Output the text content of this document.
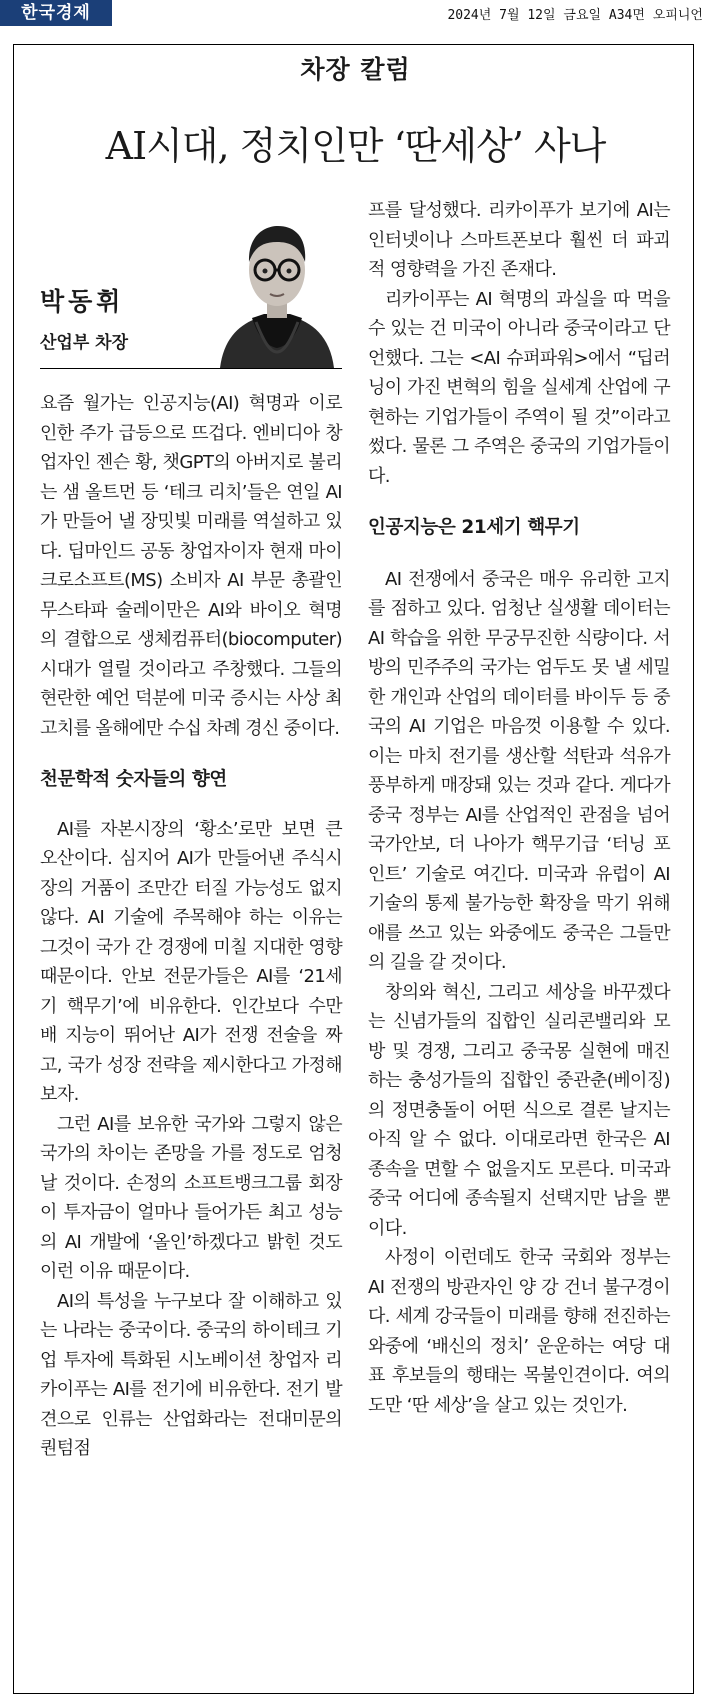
한국경제	2024년 7월 12일 금요일 A34면 오피니언
차장 칼럼
AI시대, 정치인만 ‘딴세상’ 사나
박동휘
산업부 차장

요즘 월가는 인공지능(AI) 혁명과 이로 인한 주가 급등으로 뜨겁다. 엔비디아 창업자인 젠슨 황, 챗GPT의 아버지로 불리는 샘 올트먼 등 ‘테크 리치’들은 연일 AI가 만들어 낼 장밋빛 미래를 역설하고 있다. 딥마인드 공동 창업자이자 현재 마이크로소프트(MS) 소비자 AI 부문 총괄인 무스타파 술레이만은 AI와 바이오 혁명의 결합으로 생체컴퓨터(biocomputer) 시대가 열릴 것이라고 주창했다. 그들의 현란한 예언 덕분에 미국 증시는 사상 최고치를 올해에만 수십 차례 경신 중이다.

천문학적 숫자들의 향연

AI를 자본시장의 ‘황소’로만 보면 큰 오산이다. 심지어 AI가 만들어낸 주식시장의 거품이 조만간 터질 가능성도 없지 않다. AI 기술에 주목해야 하는 이유는 그것이 국가 간 경쟁에 미칠 지대한 영향 때문이다. 안보 전문가들은 AI를 ‘21세기 핵무기’에 비유한다. 인간보다 수만 배 지능이 뛰어난 AI가 전쟁 전술을 짜고, 국가 성장 전략을 제시한다고 가정해보자.

그런 AI를 보유한 국가와 그렇지 않은 국가의 차이는 존망을 가를 정도로 엄청날 것이다. 손정의 소프트뱅크그룹 회장이 투자금이 얼마나 들어가든 최고 성능의 AI 개발에 ‘올인’하겠다고 밝힌 것도 이런 이유 때문이다.

AI의 특성을 누구보다 잘 이해하고 있는 나라는 중국이다. 중국의 하이테크 기업 투자에 특화된 시노베이션 창업자 리카이푸는 AI를 전기에 비유한다. 전기 발견으로 인류는 산업화라는 전대미문의 퀀텀점

프를 달성했다. 리카이푸가 보기에 AI는 인터넷이나 스마트폰보다 훨씬 더 파괴적 영향력을 가진 존재다.

리카이푸는 AI 혁명의 과실을 따 먹을 수 있는 건 미국이 아니라 중국이라고 단언했다. 그는 <AI 슈퍼파워>에서 “딥러닝이 가진 변혁의 힘을 실세계 산업에 구현하는 기업가들이 주역이 될 것”이라고 썼다. 물론 그 주역은 중국의 기업가들이다.

인공지능은 21세기 핵무기

AI 전쟁에서 중국은 매우 유리한 고지를 점하고 있다. 엄청난 실생활 데이터는 AI 학습을 위한 무궁무진한 식량이다. 서방의 민주주의 국가는 엄두도 못 낼 세밀한 개인과 산업의 데이터를 바이두 등 중국의 AI 기업은 마음껏 이용할 수 있다. 이는 마치 전기를 생산할 석탄과 석유가 풍부하게 매장돼 있는 것과 같다. 게다가 중국 정부는 AI를 산업적인 관점을 넘어 국가안보, 더 나아가 핵무기급 ‘터닝 포인트’ 기술로 여긴다. 미국과 유럽이 AI 기술의 통제 불가능한 확장을 막기 위해 애를 쓰고 있는 와중에도 중국은 그들만의 길을 갈 것이다.

창의와 혁신, 그리고 세상을 바꾸겠다는 신념가들의 집합인 실리콘밸리와 모방 및 경쟁, 그리고 중국몽 실현에 매진하는 충성가들의 집합인 중관춘(베이징)의 정면충돌이 어떤 식으로 결론 날지는 아직 알 수 없다. 이대로라면 한국은 AI 종속을 면할 수 없을지도 모른다. 미국과 중국 어디에 종속될지 선택지만 남을 뿐이다.

사정이 이런데도 한국 국회와 정부는 AI 전쟁의 방관자인 양 강 건너 불구경이다. 세계 강국들이 미래를 향해 전진하는 와중에 ‘배신의 정치’ 운운하는 여당 대표 후보들의 행태는 목불인견이다. 여의도만 ‘딴 세상’을 살고 있는 것인가.
